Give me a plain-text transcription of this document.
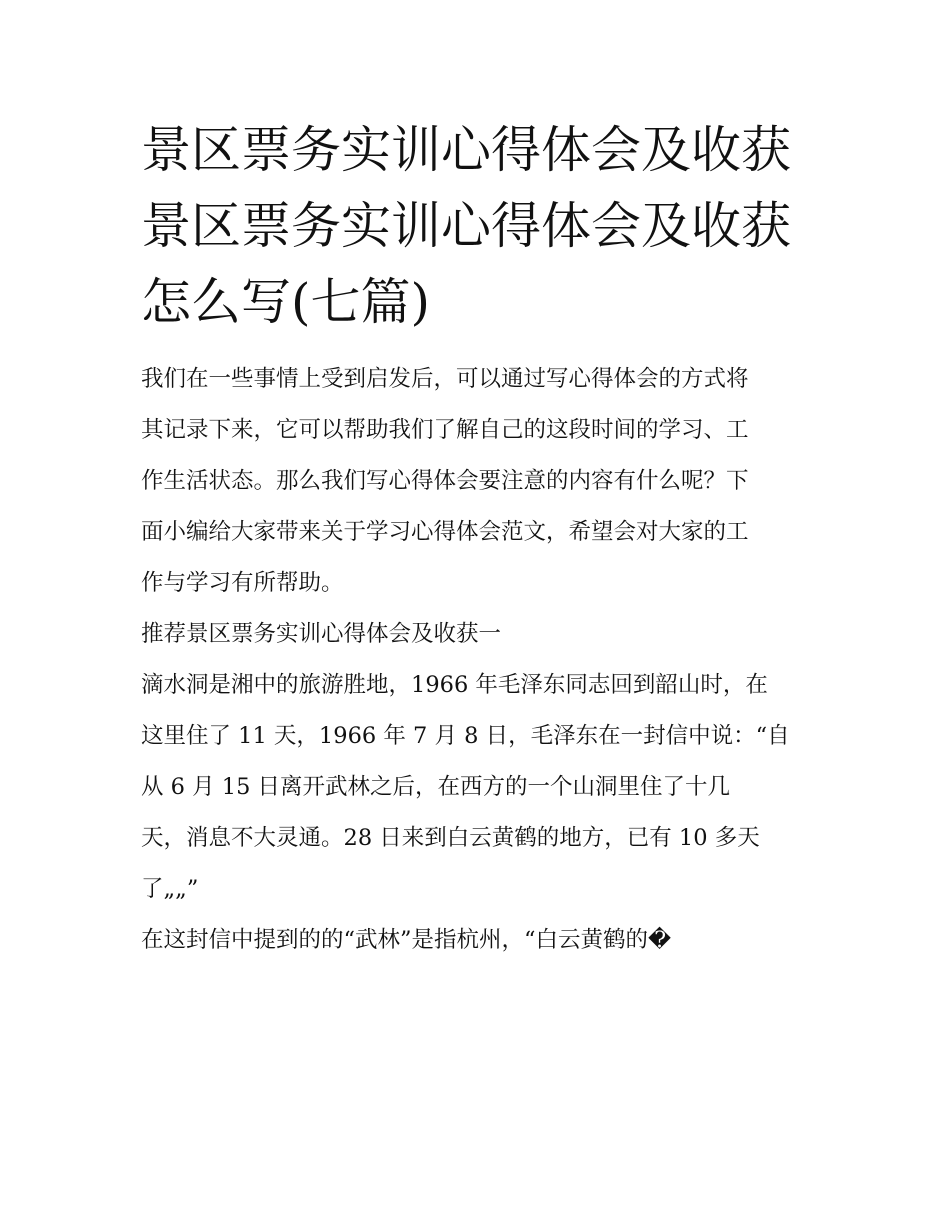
景区票务实训心得体会及收获
景区票务实训心得体会及收获
怎么写(七篇)
我们在一些事情上受到启发后，可以通过写心得体会的方式将
其记录下来，它可以帮助我们了解自己的这段时间的学习、工
作生活状态。那么我们写心得体会要注意的内容有什么呢？下
面小编给大家带来关于学习心得体会范文，希望会对大家的工
作与学习有所帮助。

推荐景区票务实训心得体会及收获一

滴水洞是湘中的旅游胜地，1966 年毛泽东同志回到韶山时，在
这里住了 11 天，1966 年 7 月 8 日，毛泽东在一封信中说：“自
从 6 月 15 日离开武林之后，在西方的一个山洞里住了十几
天，消息不大灵通。28 日来到白云黄鹤的地方，已有 10 多天
了„„”

在这封信中提到的的“武林”是指杭州，“白云黄鹤的�
